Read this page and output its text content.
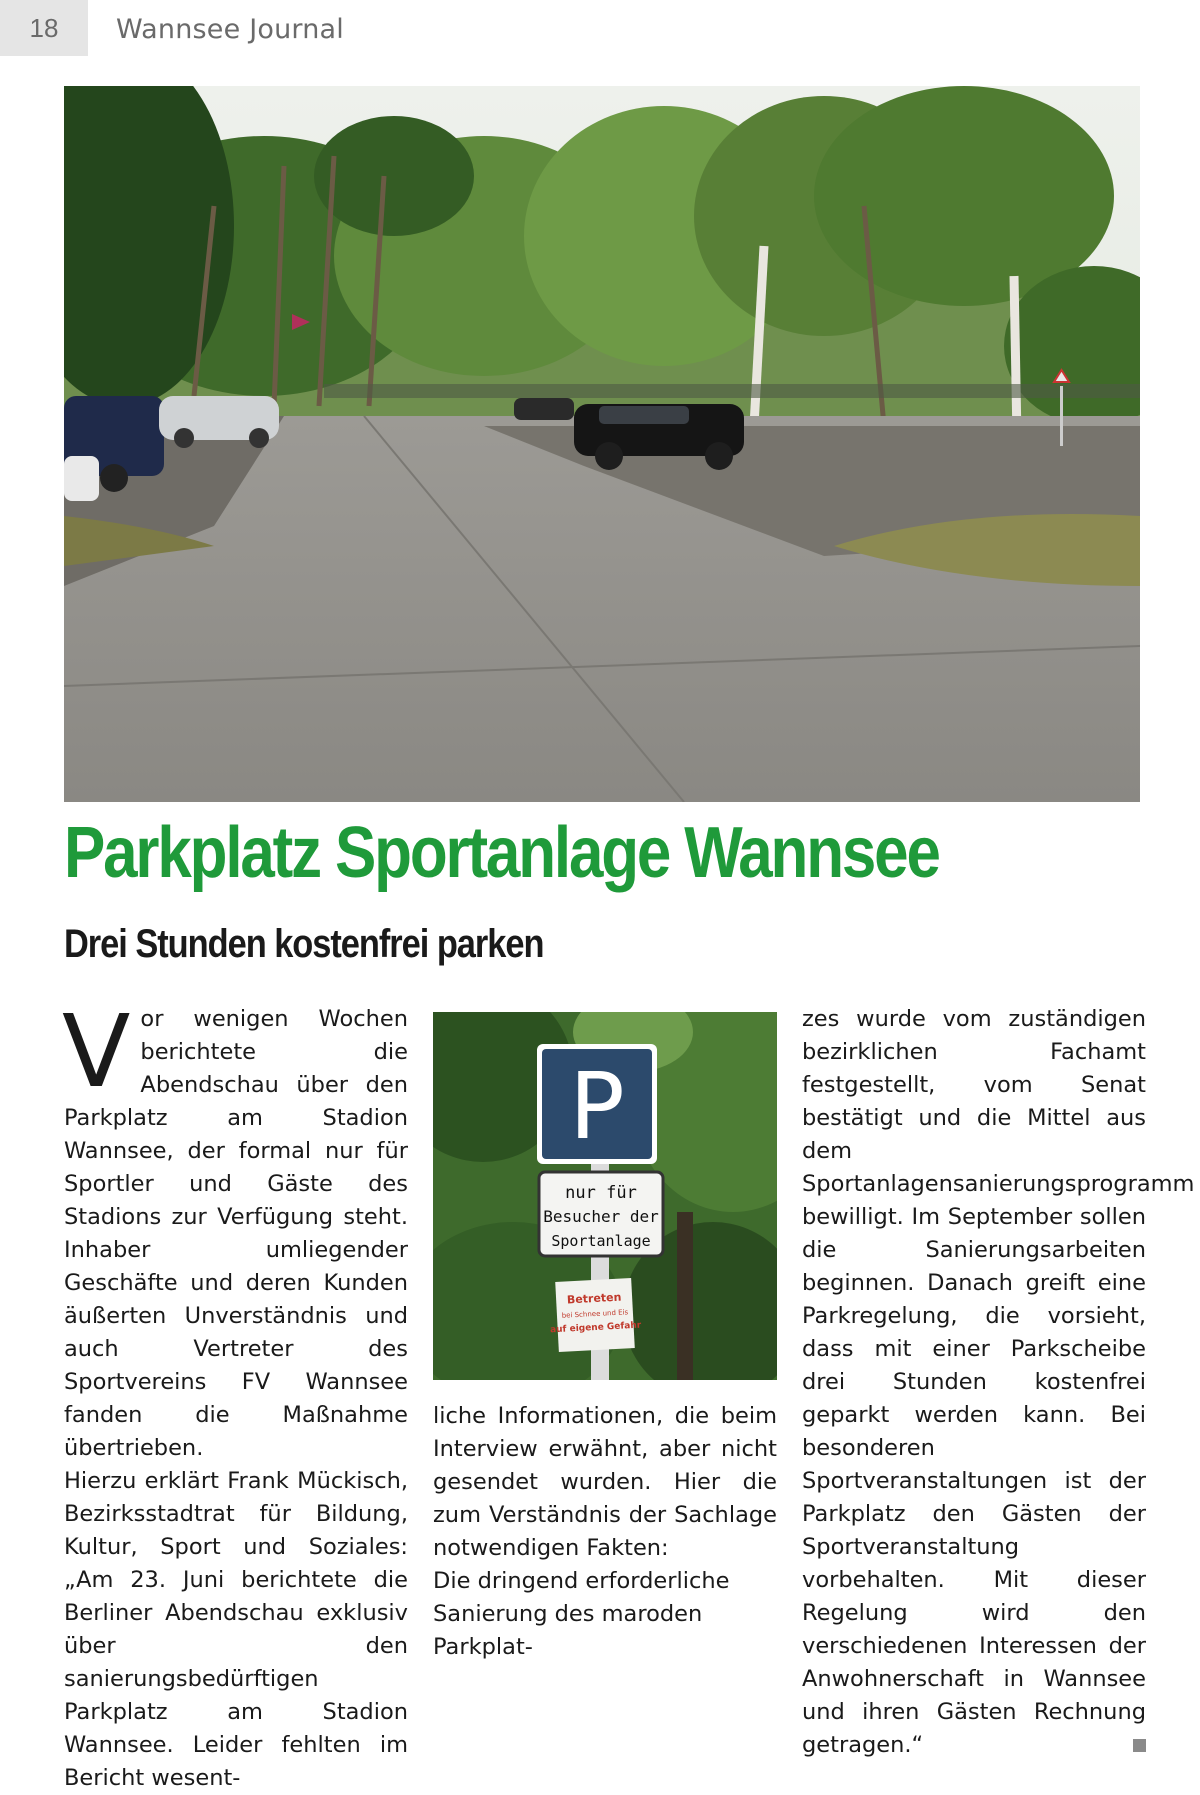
18	Wannsee Journal
Parkplatz Sportanlage Wannsee
Drei Stunden kostenfrei parken

Vor wenigen Wochen berichtete die Abendschau über den Parkplatz am Stadion Wannsee, der formal nur für Sportler und Gäste des Stadions zur Verfügung steht. Inhaber umliegender Geschäfte und deren Kunden äußerten Unverständnis und auch Vertreter des Sportvereins FV Wannsee fanden die Maßnahme übertrieben.

Hierzu erklärt Frank Mückisch, Bezirksstadtrat für Bildung, Kultur, Sport und Soziales: „Am 23. Juni berichtete die Berliner Abendschau exklusiv über den sanierungsbedürftigen Parkplatz am Stadion Wannsee. Leider fehlten im Bericht wesent-

P
nur für
Besucher der
Sportanlage
Betreten
bei Schnee und Eis
auf eigene Gefahr

liche Informationen, die beim Interview erwähnt, aber nicht gesendet wurden. Hier die zum Verständnis der Sachlage notwendigen Fakten:

Die dringend erforderliche Sanierung des maroden Parkplat-

zes wurde vom zuständigen bezirklichen Fachamt festgestellt, vom Senat bestätigt und die Mittel aus dem Sportanlagensanierungsprogramm bewilligt. Im September sollen die Sanierungsarbeiten beginnen. Danach greift eine Parkregelung, die vorsieht, dass mit einer Parkscheibe drei Stunden kostenfrei geparkt werden kann. Bei besonderen Sportveranstaltungen ist der Parkplatz den Gästen der Sportveranstaltung vorbehalten. Mit dieser Regelung wird den verschiedenen Interessen der Anwohnerschaft in Wannsee und ihren Gästen Rechnung getragen.“
